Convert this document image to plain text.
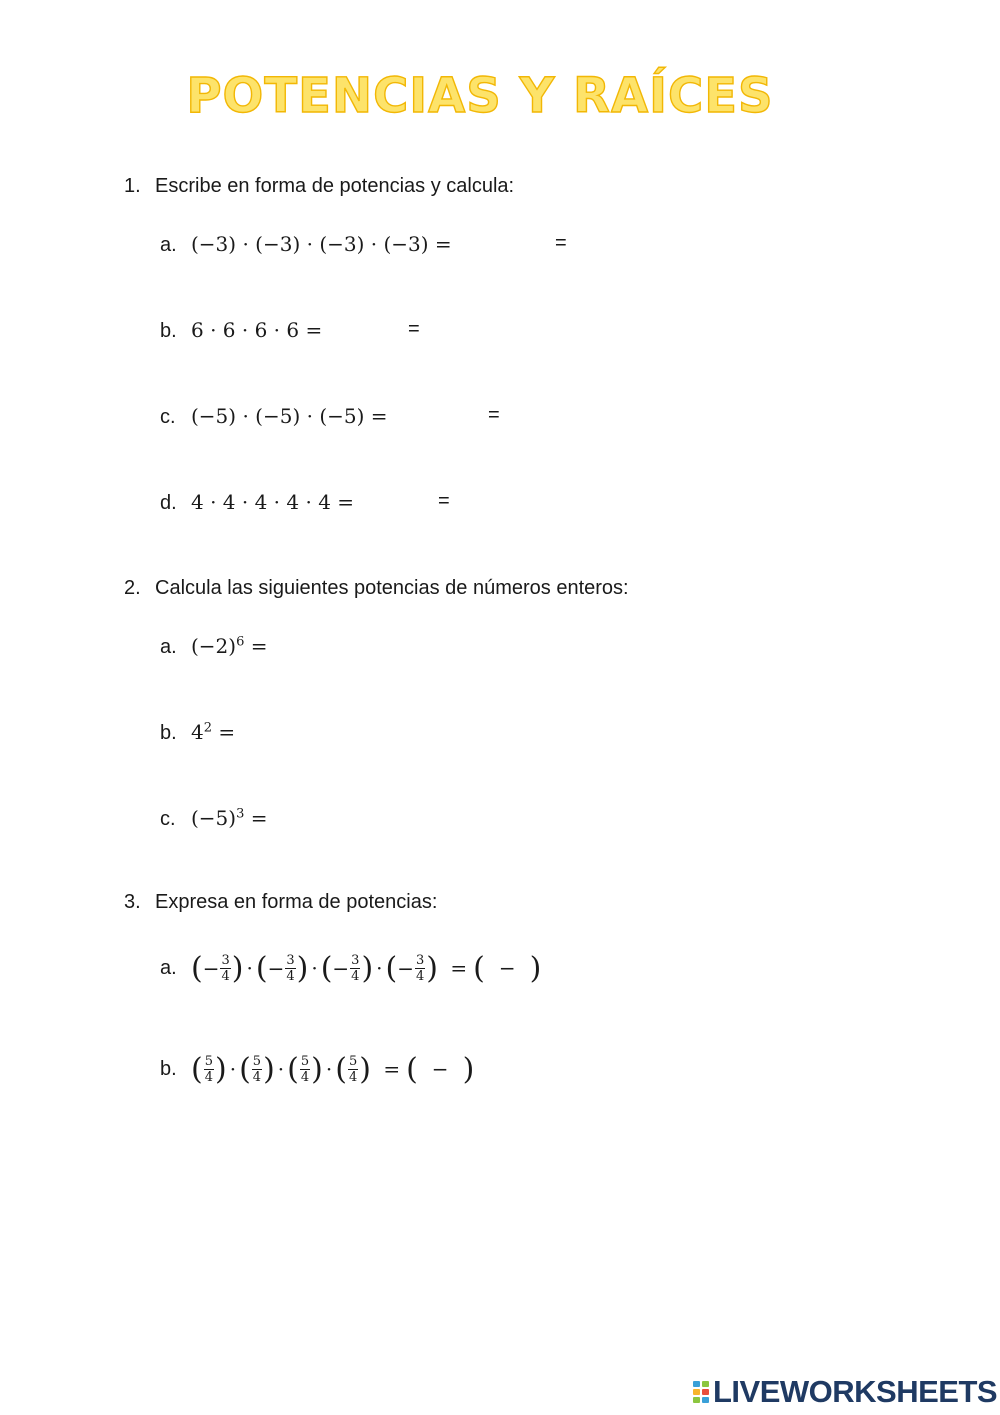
POTENCIAS Y RAÍCES
1. Escribe en forma de potencias y calcula:
a. (−3) · (−3) · (−3) · (−3) =	=
b. 6 · 6 · 6 · 6 =	=
c. (−5) · (−5) · (−5) =	=
d. 4 · 4 · 4 · 4 · 4 =	=
2. Calcula las siguientes potencias de números enteros:
a. $(-2)^6$ =
b. $4^2$ =
c. $(-5)^3$ =
3. Expresa en forma de potencias:
a. (− $\frac{3}{4}$ ) · (− $\frac{3}{4}$ ) · (− $\frac{3}{4}$ ) · (− $\frac{3}{4}$ ) = ( − )
b. ( $\frac{5}{4}$ ) · ( $\frac{5}{4}$ ) · ( $\frac{5}{4}$ ) · ( $\frac{5}{4}$ ) = ( − )
LIVEWORKSHEETS
